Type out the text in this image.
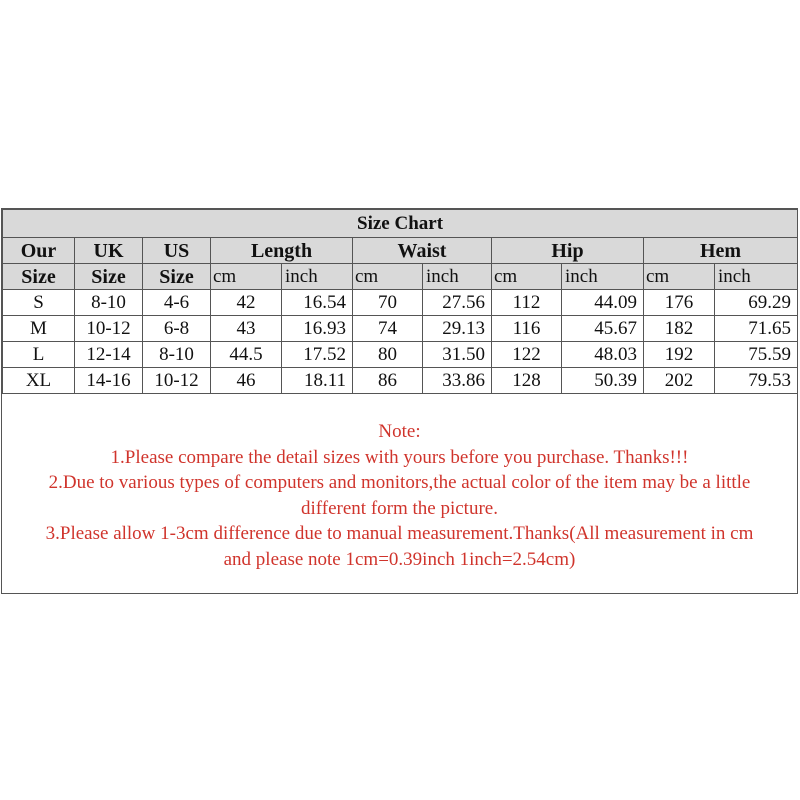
Size Chart										
Our	UK	US	Length		Waist		Hip		Hem	
Size	Size	Size	cm	inch	cm	inch	cm	inch	cm	inch
S	8-10	4-6	42	16.54	70	27.56	112	44.09	176	69.29
M	10-12	6-8	43	16.93	74	29.13	116	45.67	182	71.65
L	12-14	8-10	44.5	17.52	80	31.50	122	48.03	192	75.59
XL	14-16	10-12	46	18.11	86	33.86	128	50.39	202	79.53
Note:
1.Please compare the detail sizes with yours before you purchase. Thanks!!!
2.Due to various types of computers and monitors,the actual color of the item may be a little
different form the picture.
3.Please allow 1-3cm difference due to manual measurement.Thanks(All measurement in cm
and please note 1cm=0.39inch 1inch=2.54cm)
